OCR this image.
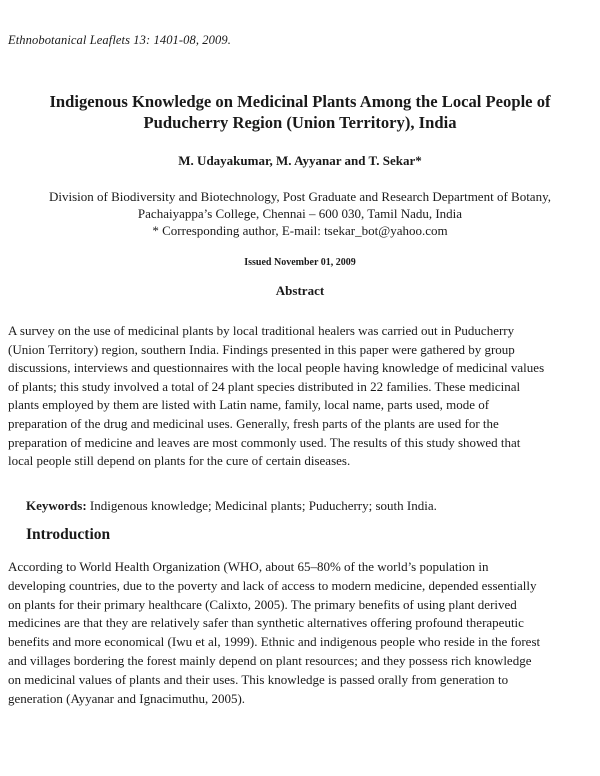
Ethnobotanical Leaflets 13: 1401-08, 2009.
Indigenous Knowledge on Medicinal Plants Among the Local People of
Puducherry Region (Union Territory), India
M. Udayakumar, M. Ayyanar and T. Sekar*
Division of Biodiversity and Biotechnology, Post Graduate and Research Department of Botany,
Pachaiyappa’s College, Chennai – 600 030, Tamil Nadu, India
* Corresponding author, E-mail: tsekar_bot@yahoo.com
Issued November 01, 2009
Abstract
A survey on the use of medicinal plants by local traditional healers was carried out in Puducherry
(Union Territory) region, southern India. Findings presented in this paper were gathered by group
discussions, interviews and questionnaires with the local people having knowledge of medicinal values
of plants; this study involved a total of 24 plant species distributed in 22 families. These medicinal
plants employed by them are listed with Latin name, family, local name, parts used, mode of
preparation of the drug and medicinal uses. Generally, fresh parts of the plants are used for the
preparation of medicine and leaves are most commonly used. The results of this study showed that
local people still depend on plants for the cure of certain diseases.
Keywords: Indigenous knowledge; Medicinal plants; Puducherry; south India.
Introduction
According to World Health Organization (WHO, about 65–80% of the world’s population in
developing countries, due to the poverty and lack of access to modern medicine, depended essentially
on plants for their primary healthcare (Calixto, 2005). The primary benefits of using plant derived
medicines are that they are relatively safer than synthetic alternatives offering profound therapeutic
benefits and more economical (Iwu et al, 1999). Ethnic and indigenous people who reside in the forest
and villages bordering the forest mainly depend on plant resources; and they possess rich knowledge
on medicinal values of plants and their uses. This knowledge is passed orally from generation to
generation (Ayyanar and Ignacimuthu, 2005).
